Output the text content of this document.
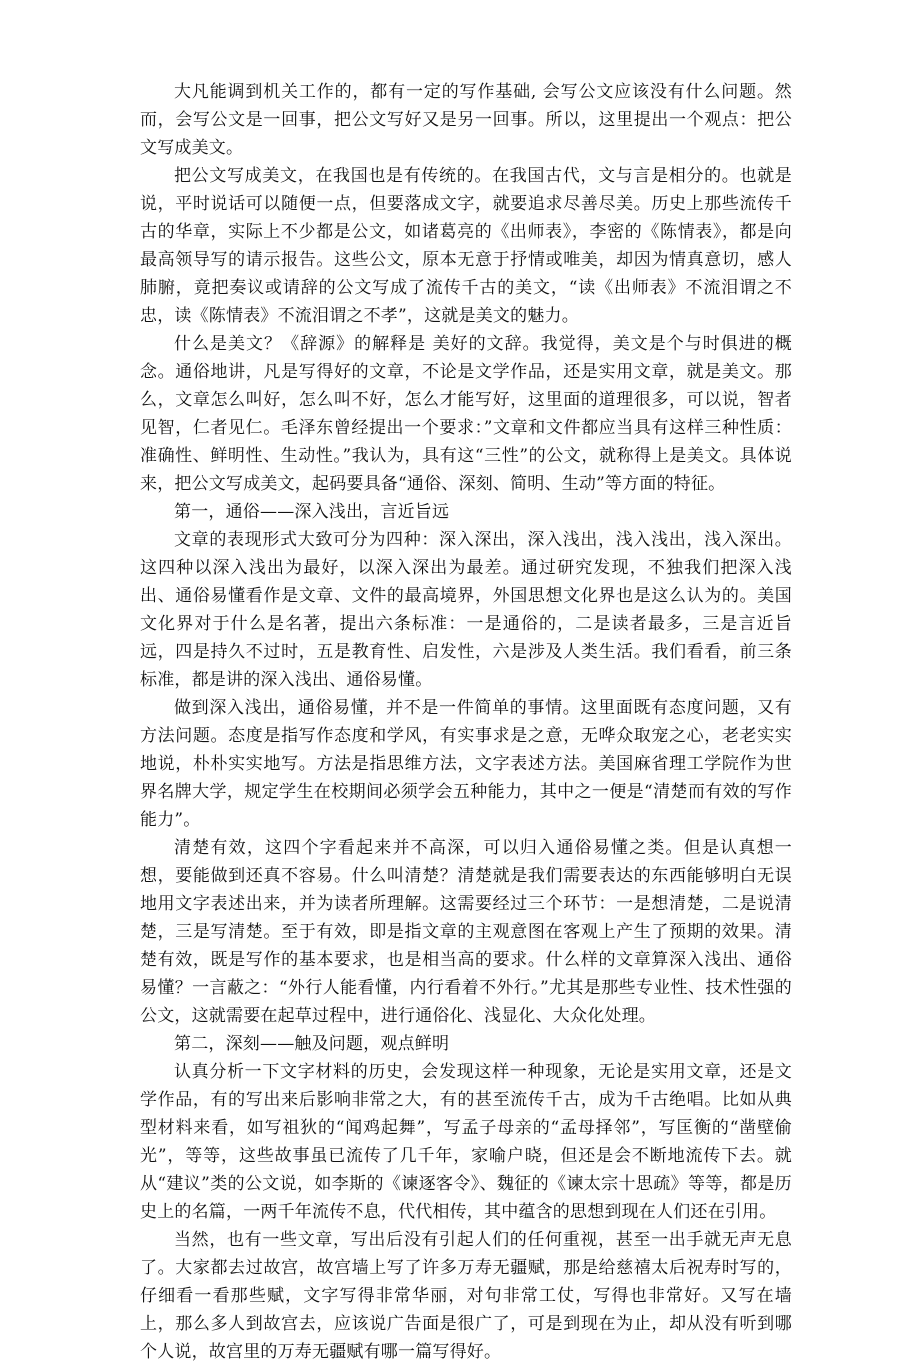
大凡能调到机关工作的，都有一定的写作基础, 会写公文应该没有什么问题。然而，会写公文是一回事，把公文写好又是另一回事。所以，这里提出一个观点：把公文写成美文。

把公文写成美文，在我国也是有传统的。在我国古代，文与言是相分的。也就是说，平时说话可以随便一点，但要落成文字，就要追求尽善尽美。历史上那些流传千古的华章，实际上不少都是公文，如诸葛亮的《出师表》，李密的《陈情表》，都是向最高领导写的请示报告。这些公文，原本无意于抒情或唯美，却因为情真意切，感人肺腑，竟把奏议或请辞的公文写成了流传千古的美文，“读《出师表》不流泪谓之不忠，读《陈情表》不流泪谓之不孝”，这就是美文的魅力。

什么是美文？《辞源》的解释是 美好的文辞。我觉得，美文是个与时俱进的概念。通俗地讲，凡是写得好的文章，不论是文学作品，还是实用文章，就是美文。那么，文章怎么叫好，怎么叫不好，怎么才能写好，这里面的道理很多，可以说，智者见智，仁者见仁。毛泽东曾经提出一个要求：”文章和文件都应当具有这样三种性质：准确性、鲜明性、生动性。”我认为，具有这“三性”的公文，就称得上是美文。具体说来，把公文写成美文，起码要具备“通俗、深刻、简明、生动”等方面的特征。

第一，通俗——深入浅出，言近旨远

文章的表现形式大致可分为四种：深入深出，深入浅出，浅入浅出，浅入深出。这四种以深入浅出为最好，以深入深出为最差。通过研究发现，不独我们把深入浅出、通俗易懂看作是文章、文件的最高境界，外国思想文化界也是这么认为的。美国文化界对于什么是名著，提出六条标准：一是通俗的，二是读者最多，三是言近旨远，四是持久不过时，五是教育性、启发性，六是涉及人类生活。我们看看，前三条标准，都是讲的深入浅出、通俗易懂。

做到深入浅出，通俗易懂，并不是一件简单的事情。这里面既有态度问题，又有方法问题。态度是指写作态度和学风，有实事求是之意，无哗众取宠之心，老老实实地说，朴朴实实地写。方法是指思维方法，文字表述方法。美国麻省理工学院作为世界名牌大学，规定学生在校期间必须学会五种能力，其中之一便是“清楚而有效的写作能力”。

清楚有效，这四个字看起来并不高深，可以归入通俗易懂之类。但是认真想一想，要能做到还真不容易。什么叫清楚？清楚就是我们需要表达的东西能够明白无误地用文字表述出来，并为读者所理解。这需要经过三个环节：一是想清楚，二是说清楚，三是写清楚。至于有效，即是指文章的主观意图在客观上产生了预期的效果。清楚有效，既是写作的基本要求，也是相当高的要求。什么样的文章算深入浅出、通俗易懂？一言蔽之：“外行人能看懂，内行看着不外行。”尤其是那些专业性、技术性强的公文，这就需要在起草过程中，进行通俗化、浅显化、大众化处理。

第二，深刻——触及问题，观点鲜明

认真分析一下文字材料的历史，会发现这样一种现象，无论是实用文章，还是文学作品，有的写出来后影响非常之大，有的甚至流传千古，成为千古绝唱。比如从典型材料来看，如写祖狄的“闻鸡起舞”，写孟子母亲的“孟母择邻”，写匡衡的“凿壁偷光”，等等，这些故事虽已流传了几千年，家喻户晓，但还是会不断地流传下去。就从“建议”类的公文说，如李斯的《谏逐客令》、魏征的《谏太宗十思疏》等等，都是历史上的名篇，一两千年流传不息，代代相传，其中蕴含的思想到现在人们还在引用。

当然，也有一些文章，写出后没有引起人们的任何重视，甚至一出手就无声无息了。大家都去过故宫，故宫墙上写了许多万寿无疆赋，那是给慈禧太后祝寿时写的，仔细看一看那些赋，文字写得非常华丽，对句非常工仗，写得也非常好。又写在墙上，那么多人到故宫去，应该说广告面是很广了，可是到现在为止，却从没有听到哪个人说，故宫里的万寿无疆赋有哪一篇写得好。
